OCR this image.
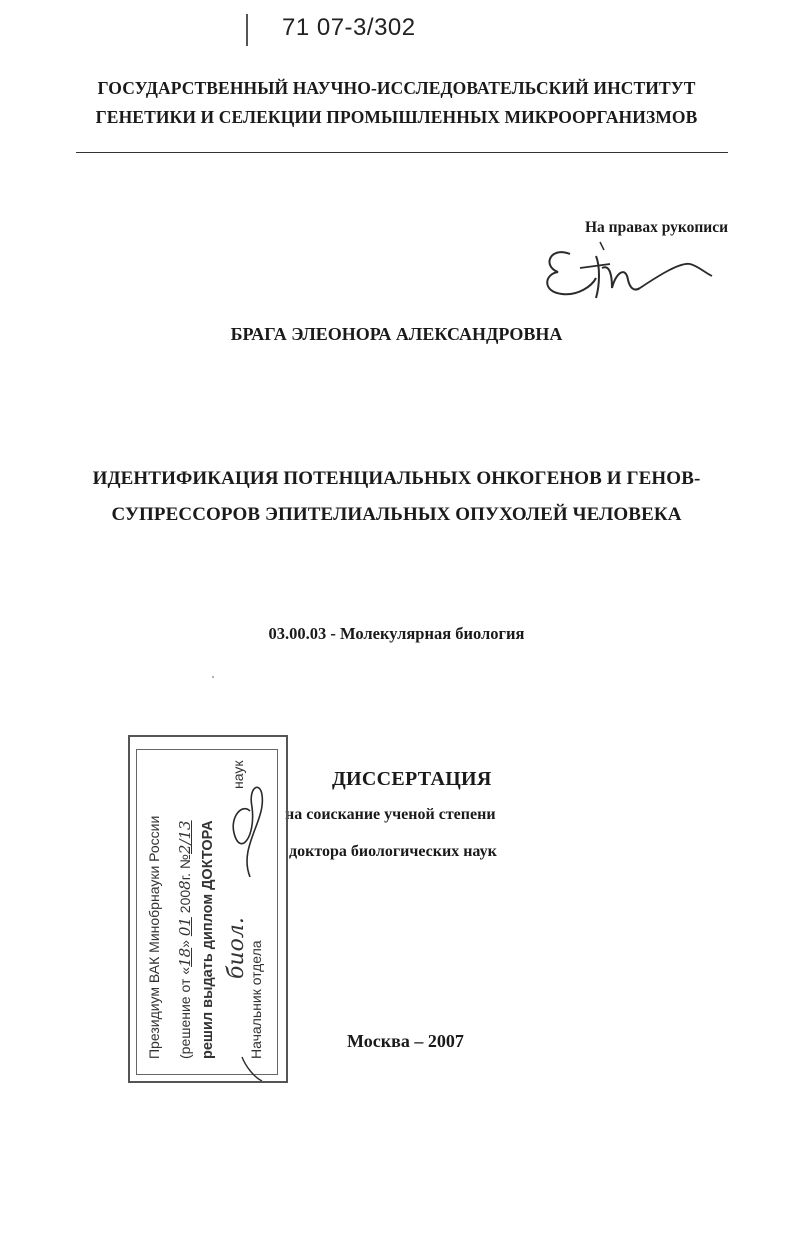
71 07-3/302
ГОСУДАРСТВЕННЫЙ НАУЧНО-ИССЛЕДОВАТЕЛЬСКИЙ ИНСТИТУТ
ГЕНЕТИКИ И СЕЛЕКЦИИ ПРОМЫШЛЕННЫХ МИКРООРГАНИЗМОВ
На правах рукописи
БРАГА ЭЛЕОНОРА АЛЕКСАНДРОВНА
ИДЕНТИФИКАЦИЯ ПОТЕНЦИАЛЬНЫХ ОНКОГЕНОВ И ГЕНОВ-
СУПРЕССОРОВ ЭПИТЕЛИАЛЬНЫХ ОПУХОЛЕЙ ЧЕЛОВЕКА
03.00.03 - Молекулярная биология
ДИССЕРТАЦИЯ
на соискание ученой степени
доктора биологических наук
Президиум ВАК Минобрнауки России (решение от «18» 01 2008г. №2/13 решил выдать диплом ДОКТОРА биол.наук
Начальник отдела	Москва – 2007
